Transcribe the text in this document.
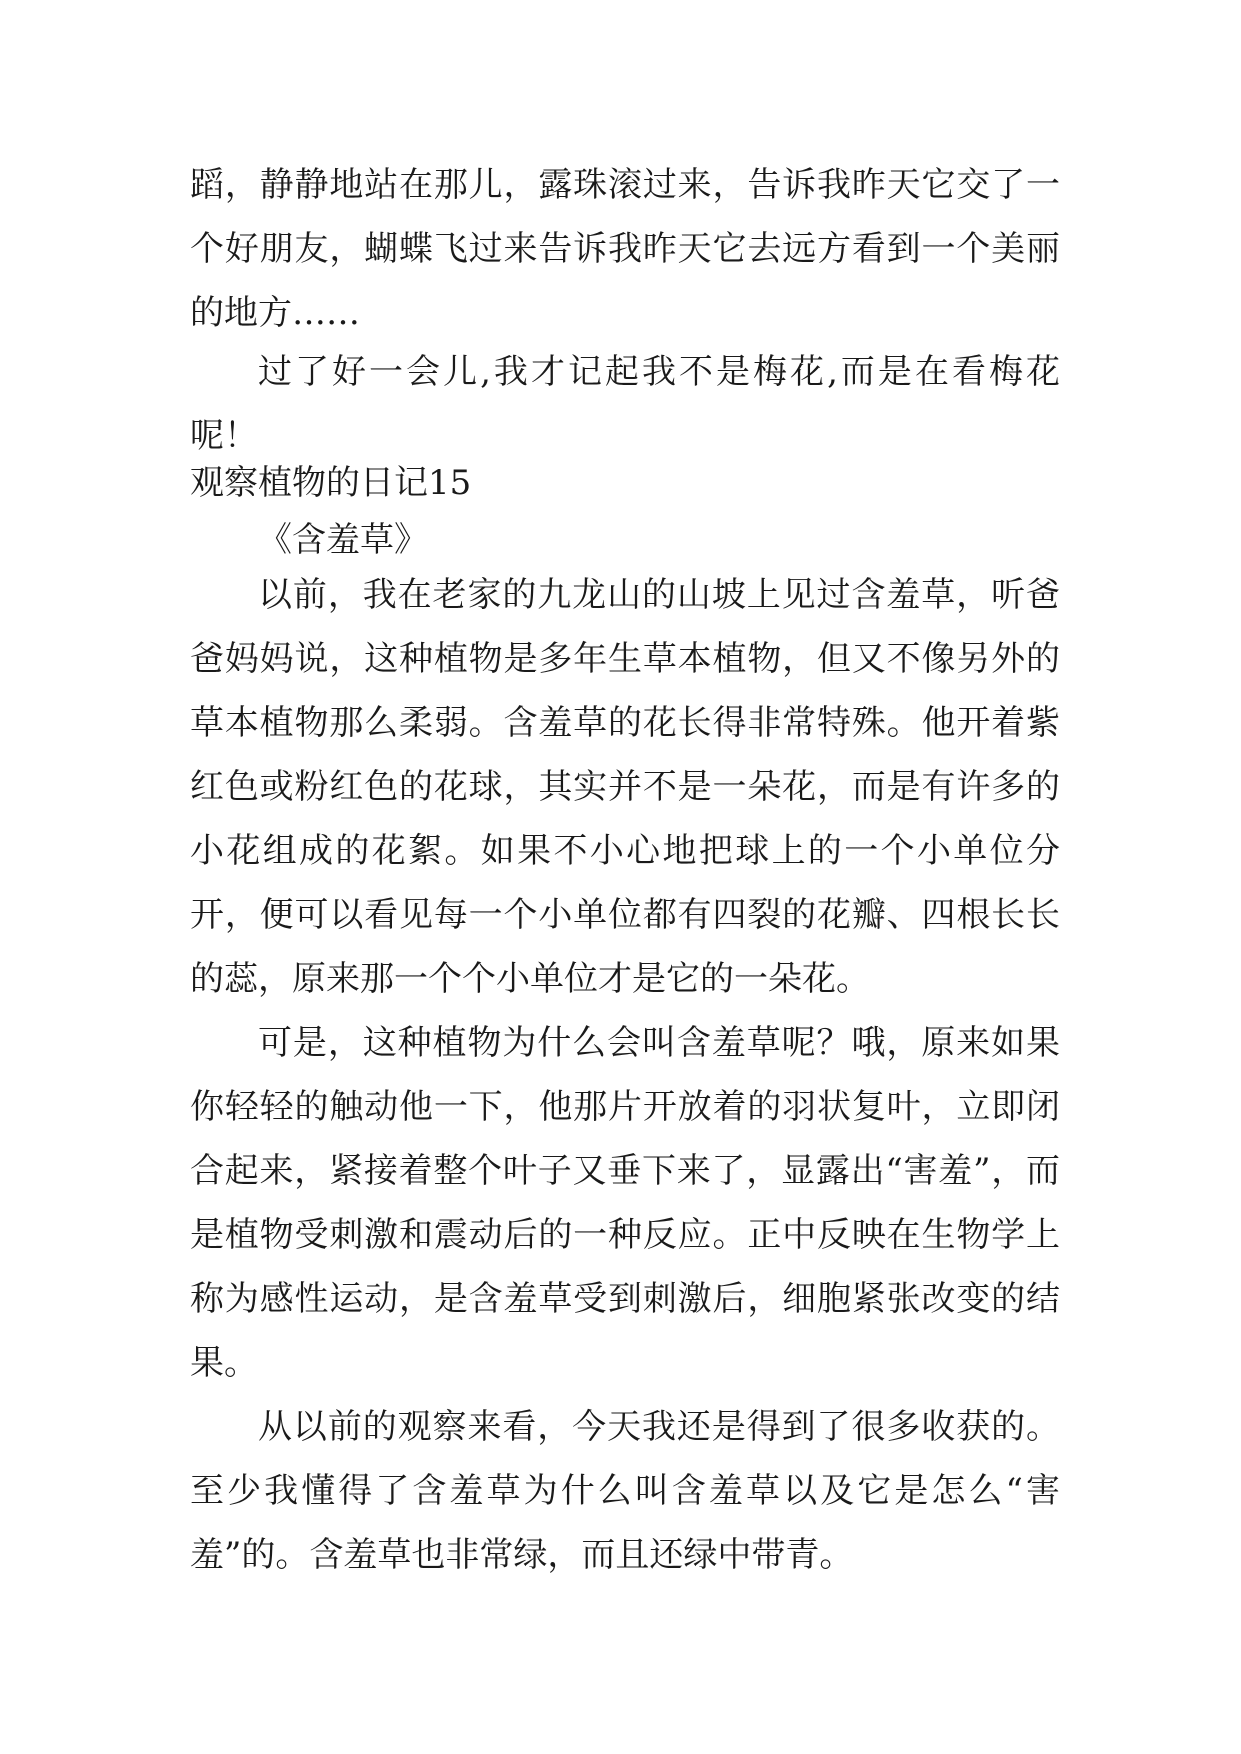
蹈，静静地站在那儿，露珠滚过来，告诉我昨天它交了一个好朋友，蝴蝶飞过来告诉我昨天它去远方看到一个美丽的地方……

过了好一会儿,我才记起我不是梅花,而是在看梅花呢！

观察植物的日记15
《含羞草》

以前，我在老家的九龙山的山坡上见过含羞草，听爸爸妈妈说，这种植物是多年生草本植物，但又不像另外的草本植物那么柔弱。含羞草的花长得非常特殊。他开着紫红色或粉红色的花球，其实并不是一朵花，而是有许多的小花组成的花絮。如果不小心地把球上的一个小单位分开，便可以看见每一个小单位都有四裂的花瓣、四根长长的蕊，原来那一个个小单位才是它的一朵花。

可是，这种植物为什么会叫含羞草呢？哦，原来如果你轻轻的触动他一下，他那片开放着的羽状复叶，立即闭合起来，紧接着整个叶子又垂下来了，显露出“害羞”，而是植物受刺激和震动后的一种反应。正中反映在生物学上称为感性运动，是含羞草受到刺激后，细胞紧张改变的结果。

从以前的观察来看，今天我还是得到了很多收获的。至少我懂得了含羞草为什么叫含羞草以及它是怎么“害羞”的。含羞草也非常绿，而且还绿中带青。
